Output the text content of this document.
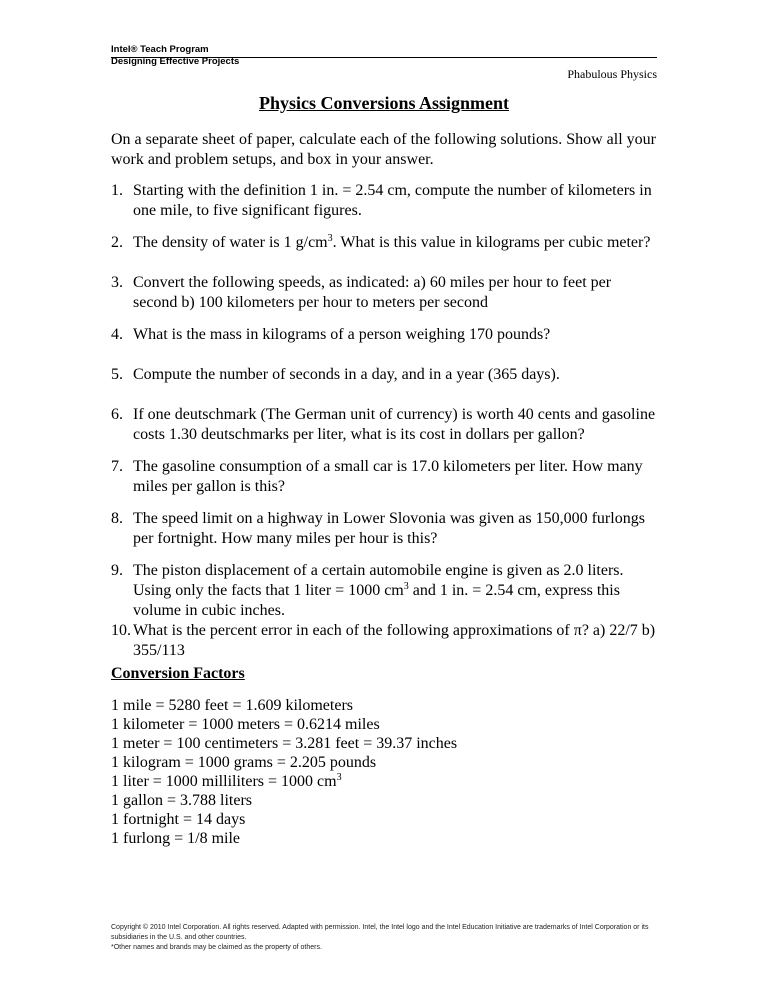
Intel® Teach Program
Designing Effective Projects
Phabulous Physics
Physics Conversions Assignment
On a separate sheet of paper, calculate each of the following solutions. Show all your work and problem setups, and box in your answer.
1. Starting with the definition 1 in. = 2.54 cm, compute the number of kilometers in one mile, to five significant figures.
2. The density of water is 1 $g/cm^3$. What is this value in kilograms per cubic meter?
3. Convert the following speeds, as indicated: a) 60 miles per hour to feet per second b) 100 kilometers per hour to meters per second
4. What is the mass in kilograms of a person weighing 170 pounds?
5. Compute the number of seconds in a day, and in a year (365 days).
6. If one deutschmark (The German unit of currency) is worth 40 cents and gasoline costs 1.30 deutschmarks per liter, what is its cost in dollars per gallon?
7. The gasoline consumption of a small car is 17.0 kilometers per liter. How many miles per gallon is this?
8. The speed limit on a highway in Lower Slovonia was given as 150,000 furlongs per fortnight. How many miles per hour is this?
9. The piston displacement of a certain automobile engine is given as 2.0 liters. Using only the facts that 1 liter = 1000 $cm^3$ and 1 in. = 2.54 cm, express this volume in cubic inches.
10. What is the percent error in each of the following approximations of π? a) 22/7 b) 355/113
Conversion Factors
1 mile = 5280 feet = 1.609 kilometers
1 kilometer = 1000 meters = 0.6214 miles
1 meter = 100 centimeters = 3.281 feet = 39.37 inches
1 kilogram = 1000 grams = 2.205 pounds
1 liter = 1000 milliliters = 1000 $cm^3$
1 gallon = 3.788 liters
1 fortnight = 14 days
1 furlong = 1/8 mile
Copyright © 2010 Intel Corporation. All rights reserved. Adapted with permission. Intel, the Intel logo and the Intel Education Initiative are trademarks of Intel Corporation or its subsidiaries in the U.S. and other countries.
*Other names and brands may be claimed as the property of others.
